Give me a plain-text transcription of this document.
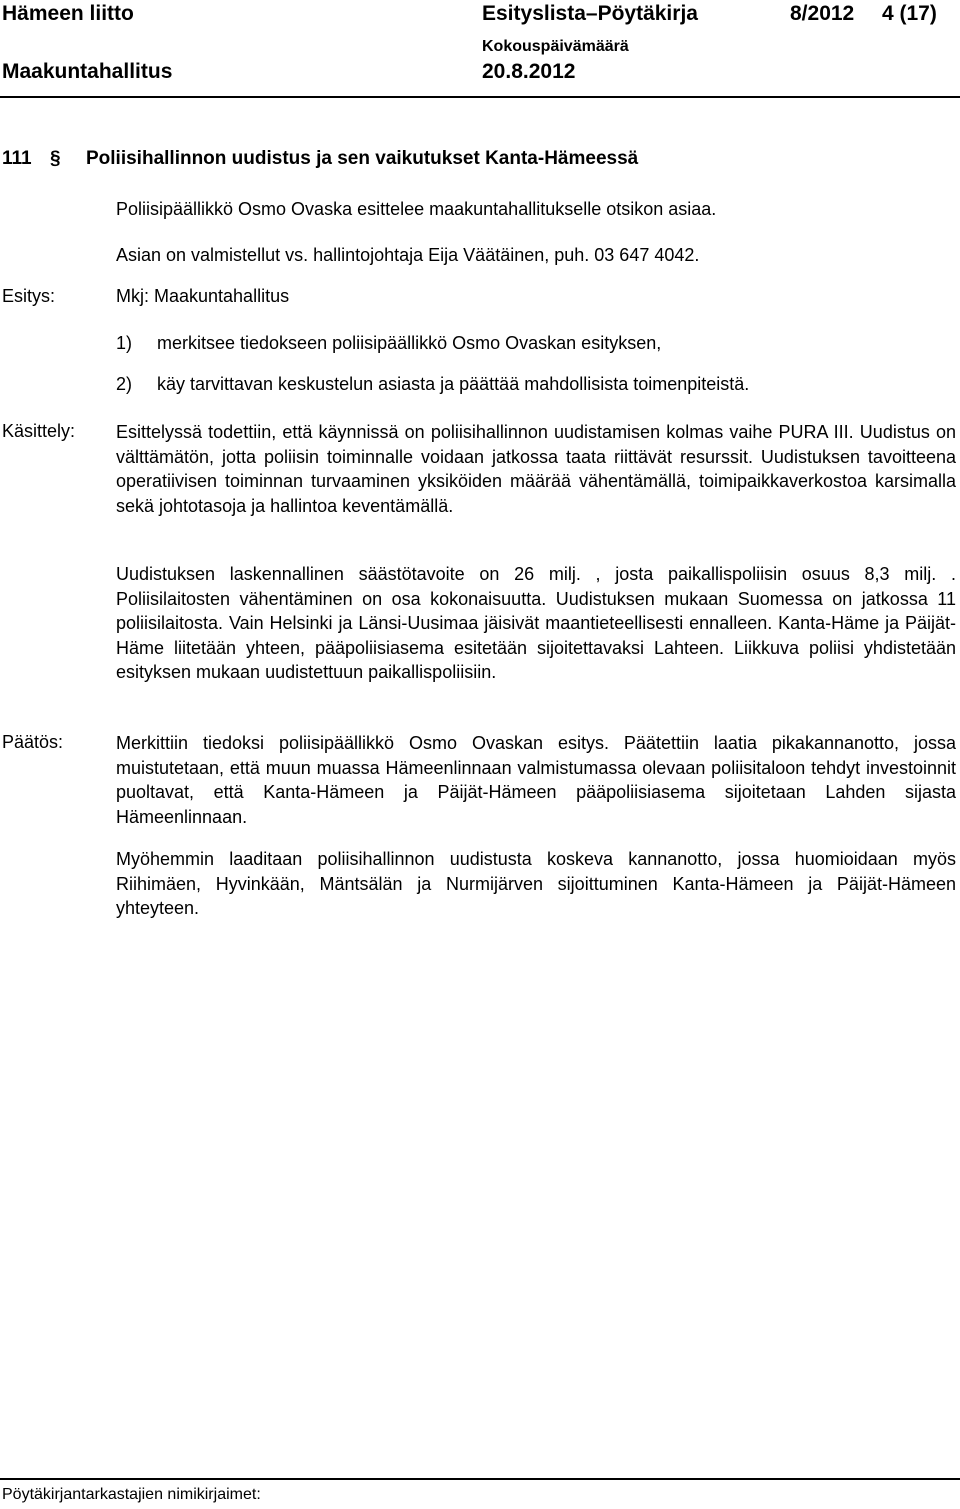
Hämeen liitto	Esityslista–Pöytäkirja	8/2012 4 (17)
Kokouspäivämäärä
Maakuntahallitus	20.8.2012
111 § Poliisihallinnon uudistus ja sen vaikutukset Kanta-Hämeessä
Poliisipäällikkö Osmo Ovaska esittelee maakuntahallitukselle otsikon asiaa.
Asian on valmistellut vs. hallintojohtaja Eija Väätäinen, puh. 03 647 4042.
Esitys:	Mkj: Maakuntahallitus
1) merkitsee tiedokseen poliisipäällikkö Osmo Ovaskan esityksen,
2) käy tarvittavan keskustelun asiasta ja päättää mahdollisista toimenpiteistä.
Käsittely: Esittelyssä todettiin, että käynnissä on poliisihallinnon uudistamisen kolmas vaihe PURA III. Uudistus on välttämätön, jotta poliisin toiminnalle voidaan jatkossa taata riittävät resurssit. Uudistuksen tavoitteena operatiivisen toiminnan turvaaminen yksiköiden määrää vähentämällä, toimipaikkaverkostoa karsimalla sekä johtotasoja ja hallintoa keventämällä.
Uudistuksen laskennallinen säästötavoite on 26 milj. , josta paikallispoliisin osuus 8,3 milj. . Poliisilaitosten vähentäminen on osa kokonaisuutta. Uudistuksen mukaan Suomessa on jatkossa 11 poliisilaitosta. Vain Helsinki ja Länsi-Uusimaa jäisivät maantieteellisesti ennalleen. Kanta-Häme ja Päijät-Häme liitetään yhteen, pääpoliisiasema esitetään sijoitettavaksi Lahteen. Liikkuva poliisi yhdistetään esityksen mukaan uudistettuun paikallispoliisiin.
Päätös:	Merkittiin tiedoksi poliisipäällikkö Osmo Ovaskan esitys. Päätettiin laatia pikakannanotto, jossa muistutetaan, että muun muassa Hämeenlinnaan valmistumassa olevaan poliisitaloon tehdyt investoinnit puoltavat, että Kanta-Hämeen ja Päijät-Hämeen pääpoliisiasema sijoitetaan Lahden sijasta Hämeenlinnaan.
Myöhemmin laaditaan poliisihallinnon uudistusta koskeva kannanotto, jossa huomioidaan myös Riihimäen, Hyvinkään, Mäntsälän ja Nurmijärven sijoittuminen Kanta-Hämeen ja Päijät-Hämeen yhteyteen.
Pöytäkirjantarkastajien nimikirjaimet:
